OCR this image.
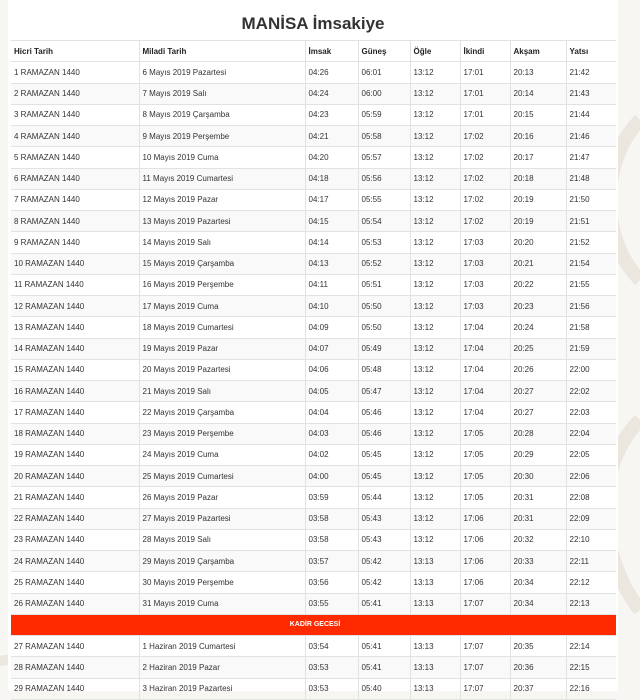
MANİSA İmsakiye
Hicri Tarih	Miladi Tarih	İmsak	Güneş	Öğle	İkindi	Akşam	Yatsı
1 RAMAZAN 1440	6 Mayıs 2019 Pazartesi	04:26	06:01	13:12	17:01	20:13	21:42
2 RAMAZAN 1440	7 Mayıs 2019 Salı	04:24	06:00	13:12	17:01	20:14	21:43
3 RAMAZAN 1440	8 Mayıs 2019 Çarşamba	04:23	05:59	13:12	17:01	20:15	21:44
4 RAMAZAN 1440	9 Mayıs 2019 Perşembe	04:21	05:58	13:12	17:02	20:16	21:46
5 RAMAZAN 1440	10 Mayıs 2019 Cuma	04:20	05:57	13:12	17:02	20:17	21:47
6 RAMAZAN 1440	11 Mayıs 2019 Cumartesi	04:18	05:56	13:12	17:02	20:18	21:48
7 RAMAZAN 1440	12 Mayıs 2019 Pazar	04:17	05:55	13:12	17:02	20:19	21:50
8 RAMAZAN 1440	13 Mayıs 2019 Pazartesi	04:15	05:54	13:12	17:02	20:19	21:51
9 RAMAZAN 1440	14 Mayıs 2019 Salı	04:14	05:53	13:12	17:03	20:20	21:52
10 RAMAZAN 1440	15 Mayıs 2019 Çarşamba	04:13	05:52	13:12	17:03	20:21	21:54
11 RAMAZAN 1440	16 Mayıs 2019 Perşembe	04:11	05:51	13:12	17:03	20:22	21:55
12 RAMAZAN 1440	17 Mayıs 2019 Cuma	04:10	05:50	13:12	17:03	20:23	21:56
13 RAMAZAN 1440	18 Mayıs 2019 Cumartesi	04:09	05:50	13:12	17:04	20:24	21:58
14 RAMAZAN 1440	19 Mayıs 2019 Pazar	04:07	05:49	13:12	17:04	20:25	21:59
15 RAMAZAN 1440	20 Mayıs 2019 Pazartesi	04:06	05:48	13:12	17:04	20:26	22:00
16 RAMAZAN 1440	21 Mayıs 2019 Salı	04:05	05:47	13:12	17:04	20:27	22:02
17 RAMAZAN 1440	22 Mayıs 2019 Çarşamba	04:04	05:46	13:12	17:04	20:27	22:03
18 RAMAZAN 1440	23 Mayıs 2019 Perşembe	04:03	05:46	13:12	17:05	20:28	22:04
19 RAMAZAN 1440	24 Mayıs 2019 Cuma	04:02	05:45	13:12	17:05	20:29	22:05
20 RAMAZAN 1440	25 Mayıs 2019 Cumartesi	04:00	05:45	13:12	17:05	20:30	22:06
21 RAMAZAN 1440	26 Mayıs 2019 Pazar	03:59	05:44	13:12	17:05	20:31	22:08
22 RAMAZAN 1440	27 Mayıs 2019 Pazartesi	03:58	05:43	13:12	17:06	20:31	22:09
23 RAMAZAN 1440	28 Mayıs 2019 Salı	03:58	05:43	13:12	17:06	20:32	22:10
24 RAMAZAN 1440	29 Mayıs 2019 Çarşamba	03:57	05:42	13:13	17:06	20:33	22:11
25 RAMAZAN 1440	30 Mayıs 2019 Perşembe	03:56	05:42	13:13	17:06	20:34	22:12
26 RAMAZAN 1440	31 Mayıs 2019 Cuma	03:55	05:41	13:13	17:07	20:34	22:13
KADİR GECESİ							
27 RAMAZAN 1440	1 Haziran 2019 Cumartesi	03:54	05:41	13:13	17:07	20:35	22:14
28 RAMAZAN 1440	2 Haziran 2019 Pazar	03:53	05:41	13:13	17:07	20:36	22:15
29 RAMAZAN 1440	3 Haziran 2019 Pazartesi	03:53	05:40	13:13	17:07	20:37	22:16
